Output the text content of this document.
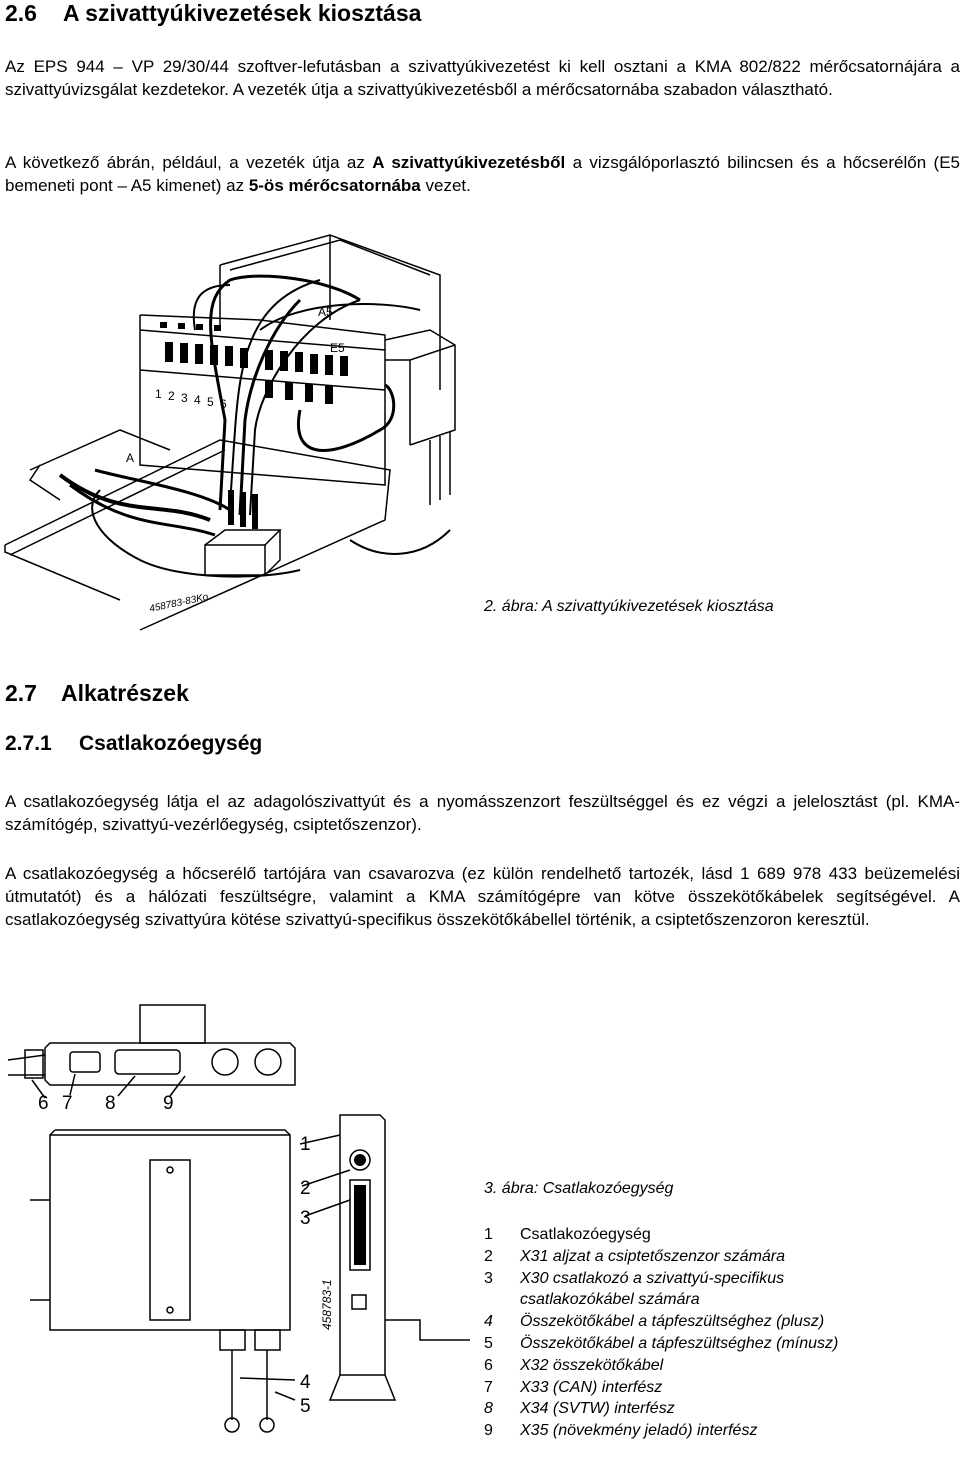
2.6 A szivattyúkivezetések kiosztása

Az EPS 944 – VP 29/30/44 szoftver-lefutásban a szivattyúkivezetést ki kell osztani a KMA 802/822 mérőcsatornájára a szivattyúvizsgálat kezdetekor. A vezeték útja a szivattyúkivezetésből a mérőcsatornába szabadon választható.

A következő ábrán, például, a vezeték útja az A szivattyúkivezetésből a vizsgálóporlasztó bilincsen és a hőcserélőn (E5 bemeneti pont – A5 kimenet) az 5-ös mérőcsatornába vezet.

A5
E5
A
1 2 3 4 5 6
458783-83Ko	2. ábra: A szivattyúkivezetések kiosztása

2.7 Alkatrészek
2.7.1 Csatlakozóegység

A csatlakozóegység látja el az adagolószivattyút és a nyomásszenzort feszültséggel és ez végzi a jelelosztást (pl. KMA-számítógép, szivattyú-vezérlőegység, csiptetőszenzor).

A csatlakozóegység a hőcserélő tartójára van csavarozva (ez külön rendelhető tartozék, lásd 1 689 978 433 beüzemelési útmutatót) és a hálózati feszültségre, valamint a KMA számítógépre van kötve összekötőkábelek segítségével. A csatlakozóegység szivattyúra kötése szivattyú-specifikus összekötőkábellel történik, a csiptetőszenzoron keresztül.

6 7 8 9
1
2
3
4
5
458783-1

3. ábra: Csatlakozóegység

1	Csatlakozóegység
2	X31 aljzat a csiptetőszenzor számára
3	X30 csatlakozó a szivattyú-specifikus csatlakozókábel számára
4	Összekötőkábel a tápfeszültséghez (plusz)
5	Összekötőkábel a tápfeszültséghez (mínusz)
6	X32 összekötőkábel
7	X33 (CAN) interfész
8	X34 (SVTW) interfész
9	X35 (növekmény jeladó) interfész
